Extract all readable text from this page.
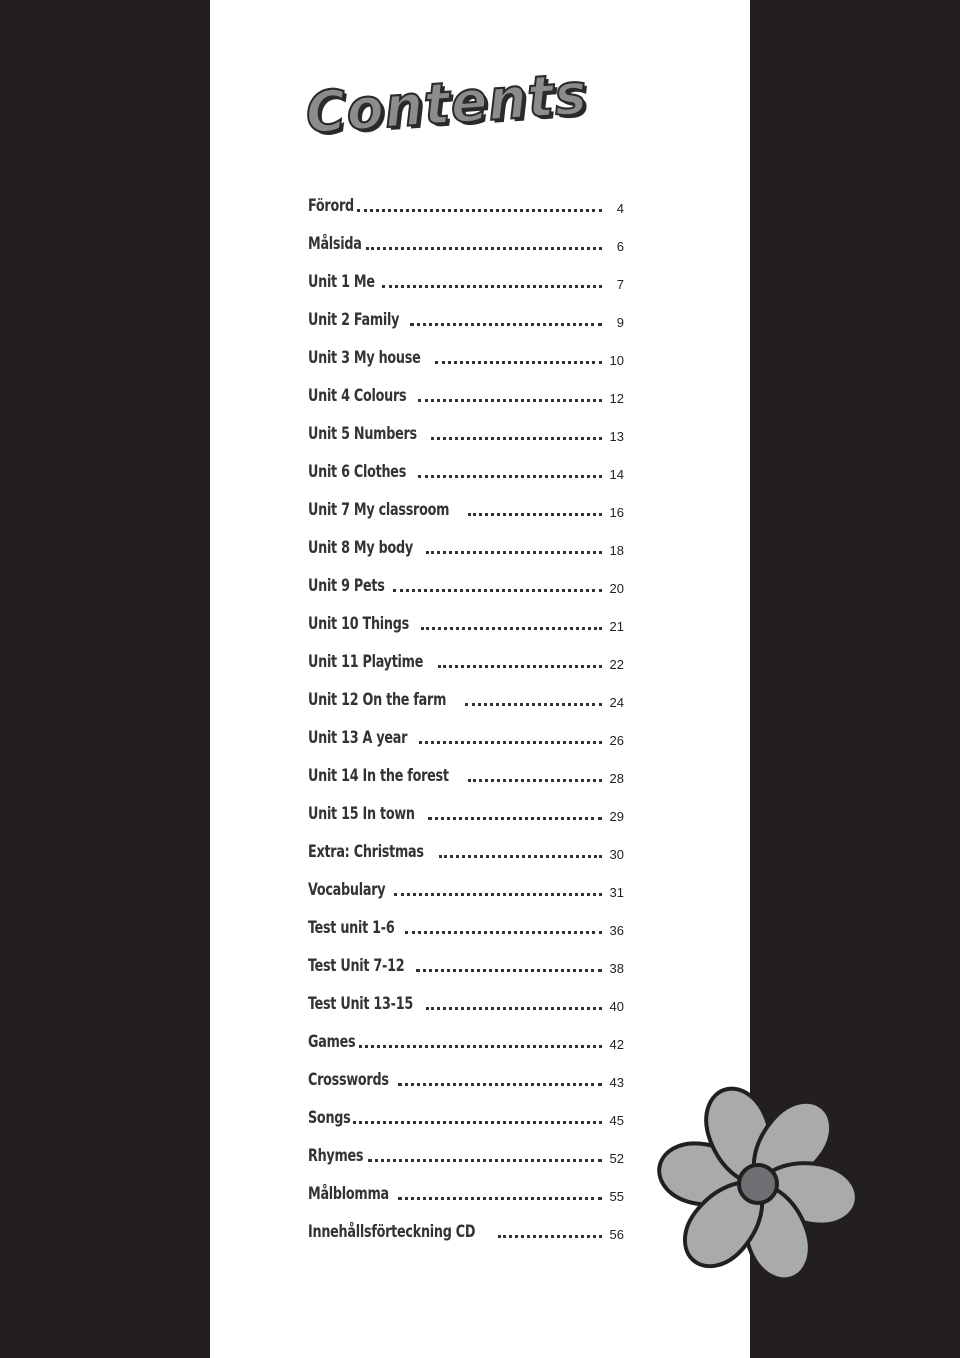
Contents
Förord	4
Målsida	6
Unit 1 Me	7
Unit 2 Family	9
Unit 3 My house	10
Unit 4 Colours	12
Unit 5 Numbers	13
Unit 6 Clothes	14
Unit 7 My classroom	16
Unit 8 My body	18
Unit 9 Pets	20
Unit 10 Things	21
Unit 11 Playtime	22
Unit 12 On the farm	24
Unit 13 A year	26
Unit 14 In the forest	28
Unit 15 In town	29
Extra: Christmas	30
Vocabulary	31
Test unit 1-6	36
Test Unit 7-12	38
Test Unit 13-15	40
Games	42
Crosswords	43
Songs	45
Rhymes	52
Målblomma	55
Innehållsförteckning CD	56
